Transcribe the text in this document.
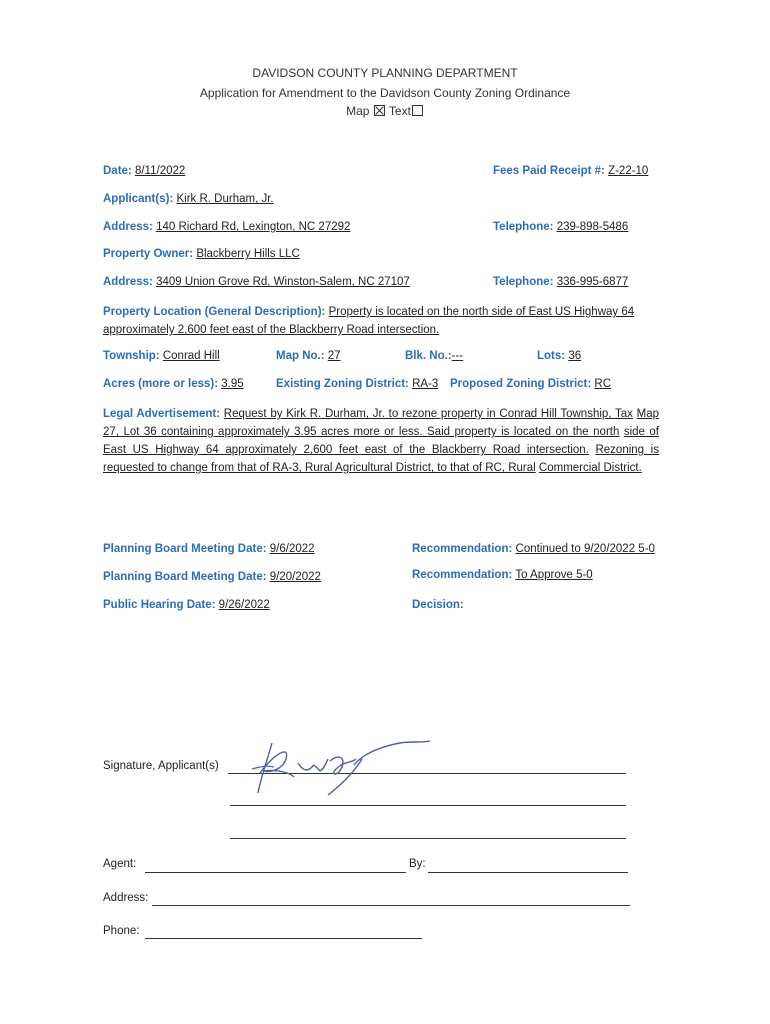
DAVIDSON COUNTY PLANNING DEPARTMENT
Application for Amendment to the Davidson County Zoning Ordinance
Map Text
Date: 8/11/2022	Fees Paid Receipt #: Z-22-10
Applicant(s): Kirk R. Durham, Jr.
Address: 140 Richard Rd, Lexington, NC 27292	Telephone: 239-898-5486
Property Owner: Blackberry Hills LLC
Address: 3409 Union Grove Rd, Winston-Salem, NC 27107	Telephone: 336-995-6877
Property Location (General Description): Property is located on the north side of East US Highway 64
approximately 2,600 feet east of the Blackberry Road intersection.
Township: Conrad Hill	Map No.: 27	Blk. No.:---	Lots: 36
Acres (more or less): 3.95	Existing Zoning District: RA-3 Proposed Zoning District: RC
Legal Advertisement: Request by Kirk R. Durham, Jr. to rezone property in Conrad Hill Township, Tax Map 27, Lot 36 containing approximately 3.95 acres more or less. Said property is located on the north side of East US Highway 64 approximately 2,600 feet east of the Blackberry Road intersection. Rezoning is requested to change from that of RA-3, Rural Agricultural District, to that of RC, Rural Commercial District.
Planning Board Meeting Date: 9/6/2022	Recommendation: Continued to 9/20/2022 5-0
Planning Board Meeting Date: 9/20/2022	Recommendation: To Approve 5-0
Public Hearing Date: 9/26/2022	Decision:
Signature, Applicant(s)
Agent:	By:
Address:
Phone:
